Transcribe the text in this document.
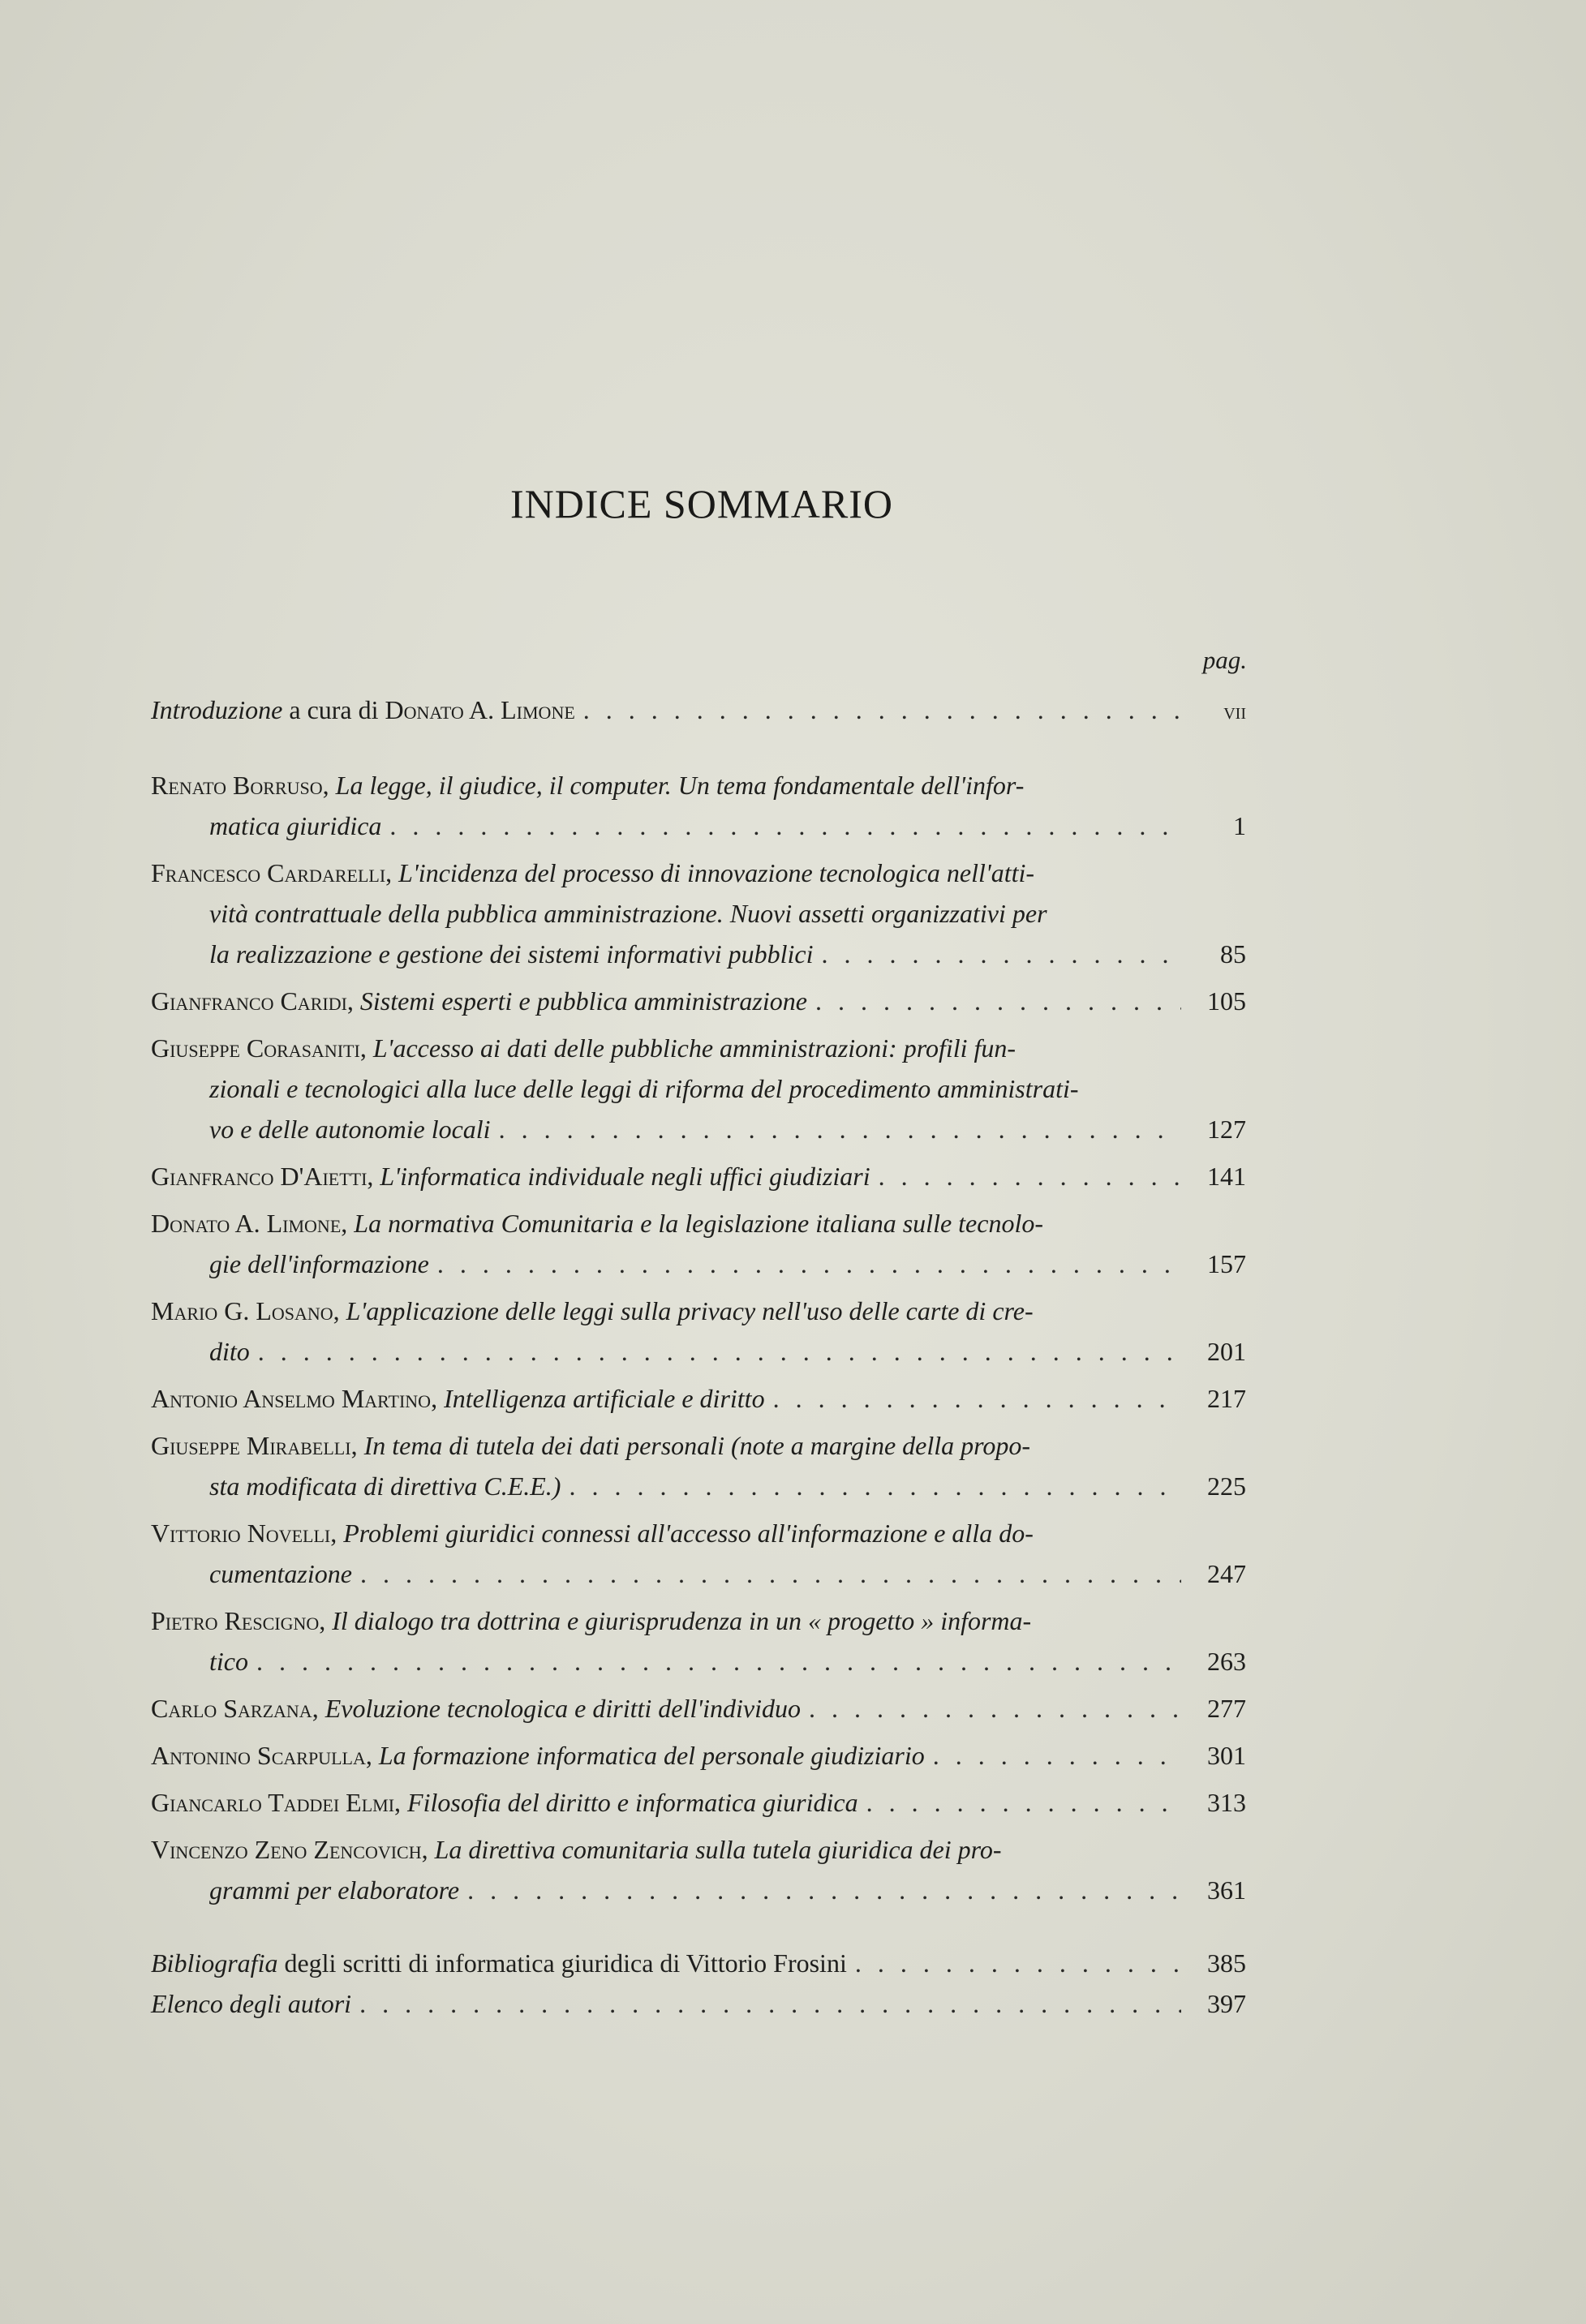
INDICE SOMMARIO
pag.
Introduzione a cura di Donato A. Limone . . .	vii
Renato Borruso, La legge, il giudice, il computer. Un tema fondamentale dell'infor-
matica giuridica . . .	1
Francesco Cardarelli, L'incidenza del processo di innovazione tecnologica nell'atti-
vità contrattuale della pubblica amministrazione. Nuovi assetti organizzativi per
la realizzazione e gestione dei sistemi informativi pubblici . . .	85
Gianfranco Caridi, Sistemi esperti e pubblica amministrazione . . .	105
Giuseppe Corasaniti, L'accesso ai dati delle pubbliche amministrazioni: profili fun-
zionali e tecnologici alla luce delle leggi di riforma del procedimento amministrati-
vo e delle autonomie locali . . .	127
Gianfranco D'Aietti, L'informatica individuale negli uffici giudiziari . . .	141
Donato A. Limone, La normativa Comunitaria e la legislazione italiana sulle tecnolo-
gie dell'informazione . . .	157
Mario G. Losano, L'applicazione delle leggi sulla privacy nell'uso delle carte di cre-
dito . . .	201
Antonio Anselmo Martino, Intelligenza artificiale e diritto . . .	217
Giuseppe Mirabelli, In tema di tutela dei dati personali (note a margine della propo-
sta modificata di direttiva C.E.E.) . . .	225
Vittorio Novelli, Problemi giuridici connessi all'accesso all'informazione e alla do-
cumentazione . . .	247
Pietro Rescigno, Il dialogo tra dottrina e giurisprudenza in un « progetto » informa-
tico . . .	263
Carlo Sarzana, Evoluzione tecnologica e diritti dell'individuo . . .	277
Antonino Scarpulla, La formazione informatica del personale giudiziario . . .	301
Giancarlo Taddei Elmi, Filosofia del diritto e informatica giuridica . . .	313
Vincenzo Zeno Zencovich, La direttiva comunitaria sulla tutela giuridica dei pro-
grammi per elaboratore . . .	361
Bibliografia degli scritti di informatica giuridica di Vittorio Frosini . . .	385
Elenco degli autori . . .	397
